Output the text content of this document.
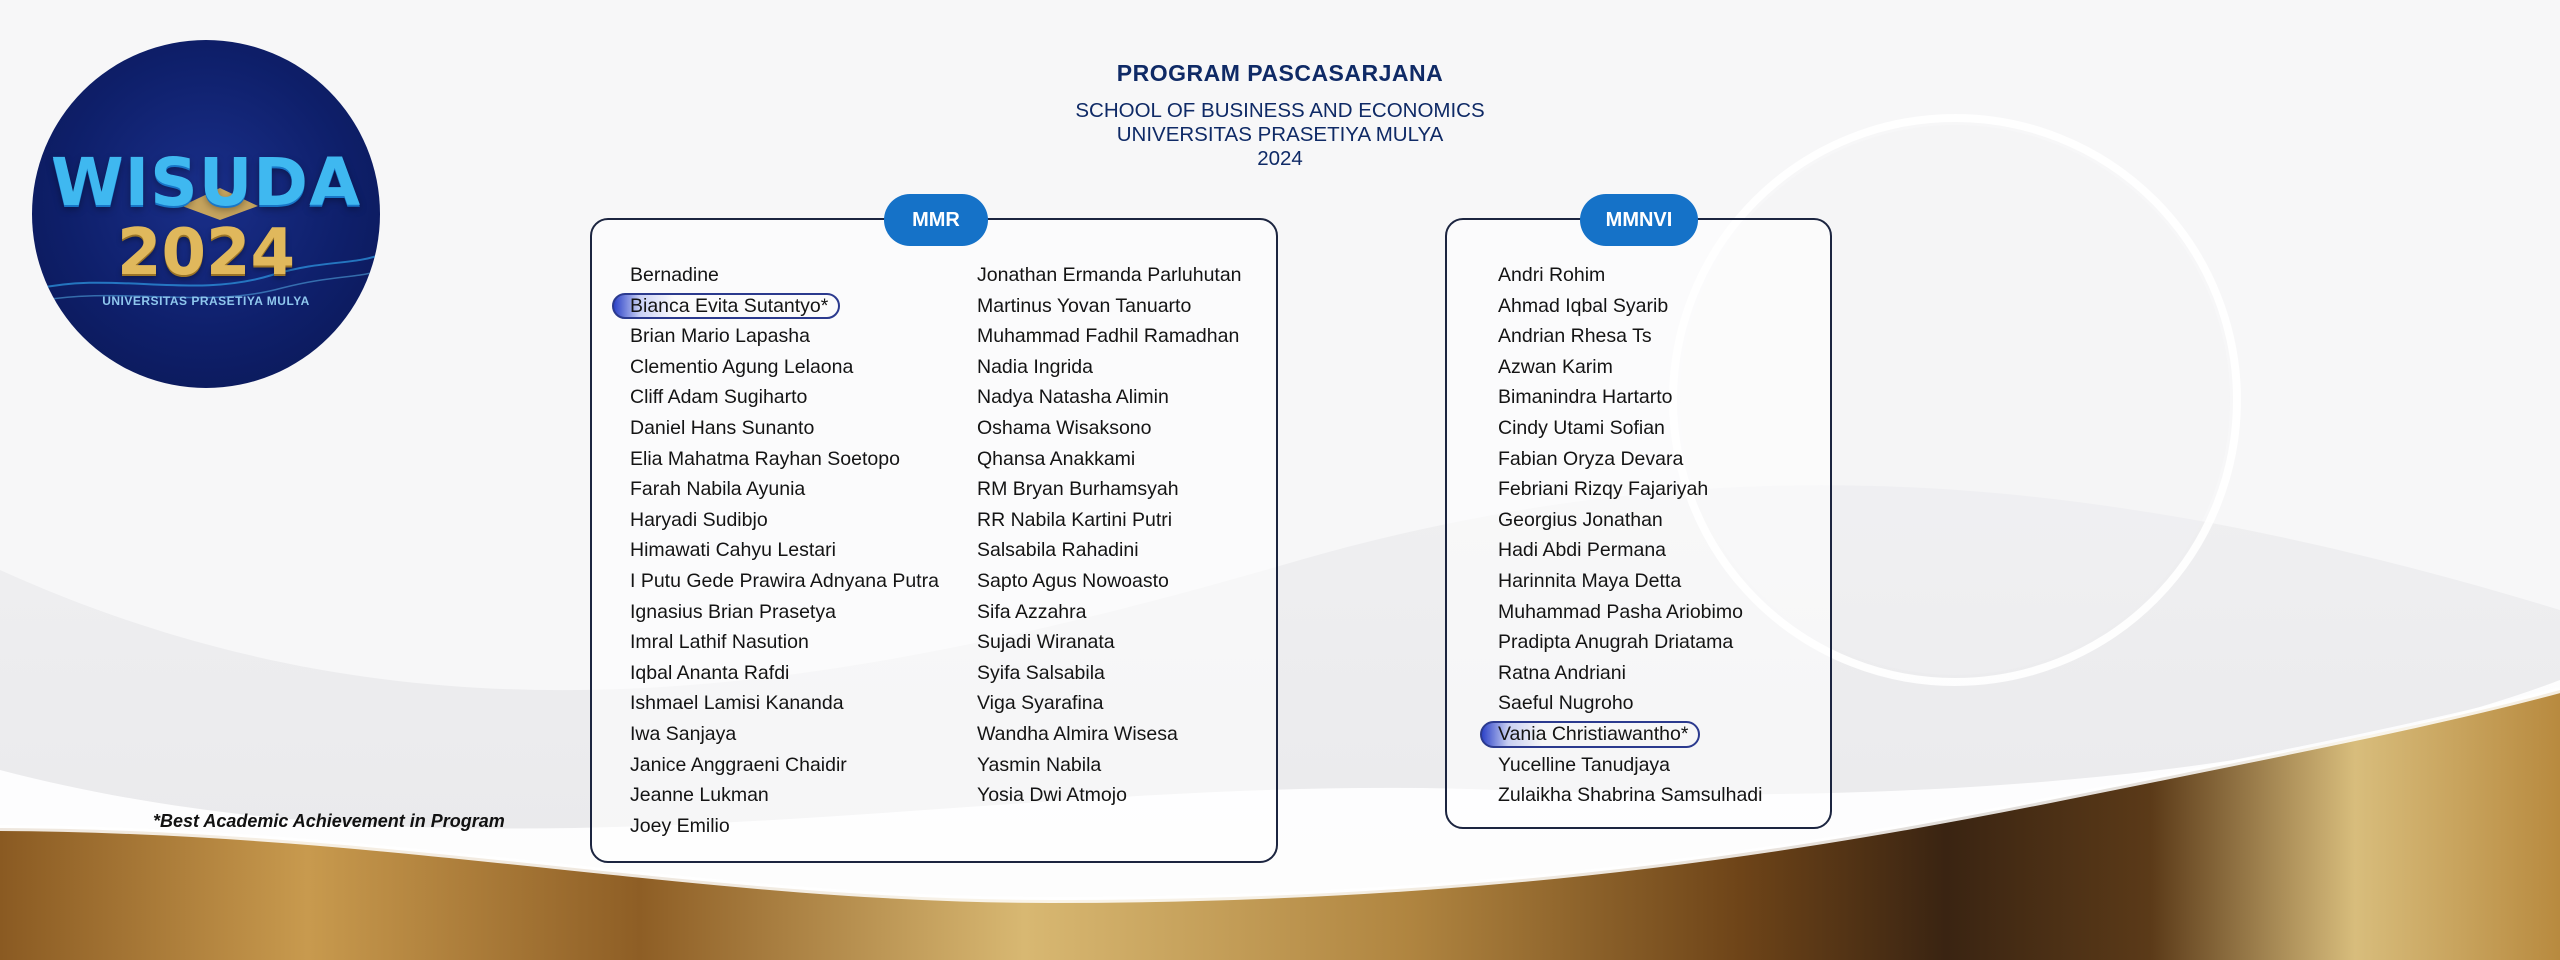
WISUDA
2024
UNIVERSITAS PRASETIYA MULYA
PROGRAM PASCASARJANA
SCHOOL OF BUSINESS AND ECONOMICS
UNIVERSITAS PRASETIYA MULYA
2024
MMR
Bernadine
Bianca Evita Sutantyo*
Brian Mario Lapasha
Clementio Agung Lelaona
Cliff Adam Sugiharto
Daniel Hans Sunanto
Elia Mahatma Rayhan Soetopo
Farah Nabila Ayunia
Haryadi Sudibjo
Himawati Cahyu Lestari
I Putu Gede Prawira Adnyana Putra
Ignasius Brian Prasetya
Imral Lathif Nasution
Iqbal Ananta Rafdi
Ishmael Lamisi Kananda
Iwa Sanjaya
Janice Anggraeni Chaidir
Jeanne Lukman
Joey Emilio
Jonathan Ermanda Parluhutan
Martinus Yovan Tanuarto
Muhammad Fadhil Ramadhan
Nadia Ingrida
Nadya Natasha Alimin
Oshama Wisaksono
Qhansa Anakkami
RM Bryan Burhamsyah
RR Nabila Kartini Putri
Salsabila Rahadini
Sapto Agus Nowoasto
Sifa Azzahra
Sujadi Wiranata
Syifa Salsabila
Viga Syarafina
Wandha Almira Wisesa
Yasmin Nabila
Yosia Dwi Atmojo
MMNVI
Andri Rohim
Ahmad Iqbal Syarib
Andrian Rhesa Ts
Azwan Karim
Bimanindra Hartarto
Cindy Utami Sofian
Fabian Oryza Devara
Febriani Rizqy Fajariyah
Georgius Jonathan
Hadi Abdi Permana
Harinnita Maya Detta
Muhammad Pasha Ariobimo
Pradipta Anugrah Driatama
Ratna Andriani
Saeful Nugroho
Vania Christiawantho*
Yucelline Tanudjaya
Zulaikha Shabrina Samsulhadi
*Best Academic Achievement in Program
